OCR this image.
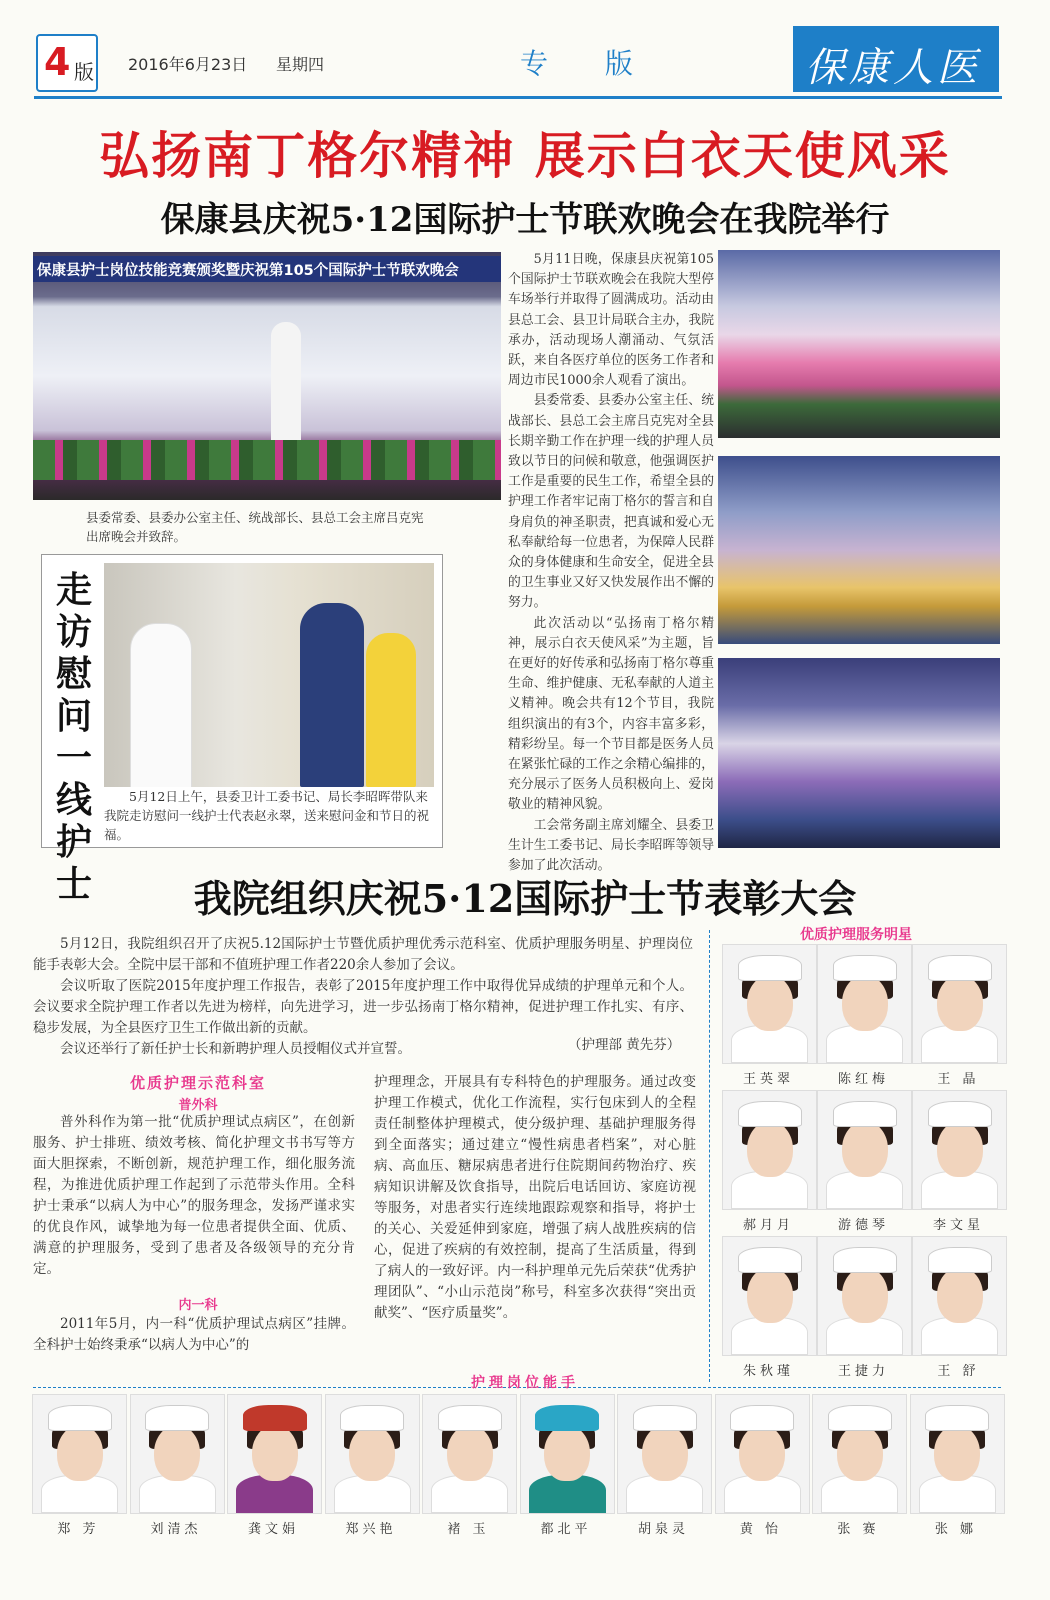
4 版 2016年6月23日 星期四	专 版	保康人医
弘扬南丁格尔精神 展示白衣天使风采
保康县庆祝5·12国际护士节联欢晚会在我院举行
保康县护士岗位技能竞赛颁奖暨庆祝第105个国际护士节联欢晚会
县委常委、县委办公室主任、统战部长、县总工会主席吕克宪出席晚会并致辞。

5月11日晚，保康县庆祝第105个国际护士节联欢晚会在我院大型停车场举行并取得了圆满成功。活动由县总工会、县卫计局联合主办，我院承办，活动现场人潮涌动、气氛活跃，来自各医疗单位的医务工作者和周边市民1000余人观看了演出。

县委常委、县委办公室主任、统战部长、县总工会主席吕克宪对全县长期辛勤工作在护理一线的护理人员致以节日的问候和敬意，他强调医护工作是重要的民生工作，希望全县的护理工作者牢记南丁格尔的誓言和自身肩负的神圣职责，把真诚和爱心无私奉献给每一位患者，为保障人民群众的身体健康和生命安全，促进全县的卫生事业又好又快发展作出不懈的努力。

此次活动以“弘扬南丁格尔精神，展示白衣天使风采”为主题，旨在更好的好传承和弘扬南丁格尔尊重生命、维护健康、无私奉献的人道主义精神。晚会共有12个节目，我院组织演出的有3个，内容丰富多彩，精彩纷呈。每一个节目都是医务人员在紧张忙碌的工作之余精心编排的，充分展示了医务人员积极向上、爱岗敬业的精神风貌。

工会常务副主席刘耀全、县委卫生计生工委书记、局长李昭晖等领导参加了此次活动。

走访慰问一线护士
5月12日上午，县委卫计工委书记、局长李昭晖带队来我院走访慰问一线护士代表赵永翠，送来慰问金和节日的祝福。
我院组织庆祝5·12国际护士节表彰大会

5月12日，我院组织召开了庆祝5.12国际护士节暨优质护理优秀示范科室、优质护理服务明星、护理岗位能手表彰大会。全院中层干部和不值班护理工作者220余人参加了会议。

会议听取了医院2015年度护理工作报告，表彰了2015年度护理工作中取得优异成绩的护理单元和个人。会议要求全院护理工作者以先进为榜样，向先进学习，进一步弘扬南丁格尔精神，促进护理工作扎实、有序、稳步发展，为全县医疗卫生工作做出新的贡献。

会议还举行了新任护士长和新聘护理人员授帽仪式并宣誓。	（护理部 黄先芬）
优质护理示范科室
普外科

普外科作为第一批“优质护理试点病区”，在创新服务、护士排班、绩效考核、简化护理文书书写等方面大胆探索，不断创新，规范护理工作，细化服务流程，为推进优质护理工作起到了示范带头作用。全科护士秉承“以病人为中心”的服务理念，发扬严谨求实的优良作风，诚挚地为每一位患者提供全面、优质、满意的护理服务，受到了患者及各级领导的充分肯定。

内一科

2011年5月，内一科“优质护理试点病区”挂牌。全科护士始终秉承“以病人为中心”的

护理理念，开展具有专科特色的护理服务。通过改变护理工作模式，优化工作流程，实行包床到人的全程责任制整体护理模式，使分级护理、基础护理服务得到全面落实；通过建立“慢性病患者档案”，对心脏病、高血压、糖尿病患者进行住院期间药物治疗、疾病知识讲解及饮食指导，出院后电话回访、家庭访视等服务，对患者实行连续地跟踪观察和指导，将护士的关心、关爱延伸到家庭，增强了病人战胜疾病的信心，促进了疾病的有效控制，提高了生活质量，得到了病人的一致好评。内一科护理单元先后荣获“优秀护理团队”、“小山示范岗”称号，科室多次获得“突出贡献奖”、“医疗质量奖”。

优质护理服务明星
护理岗位能手
王英翠	陈红梅	王 晶
郝月月	游德琴	李文星
朱秋瑾	王捷力	王 舒
郑 芳	刘清杰	龚文娟	郑兴艳	褚 玉	都北平	胡泉灵	黄 怡	张 赛	张 娜
